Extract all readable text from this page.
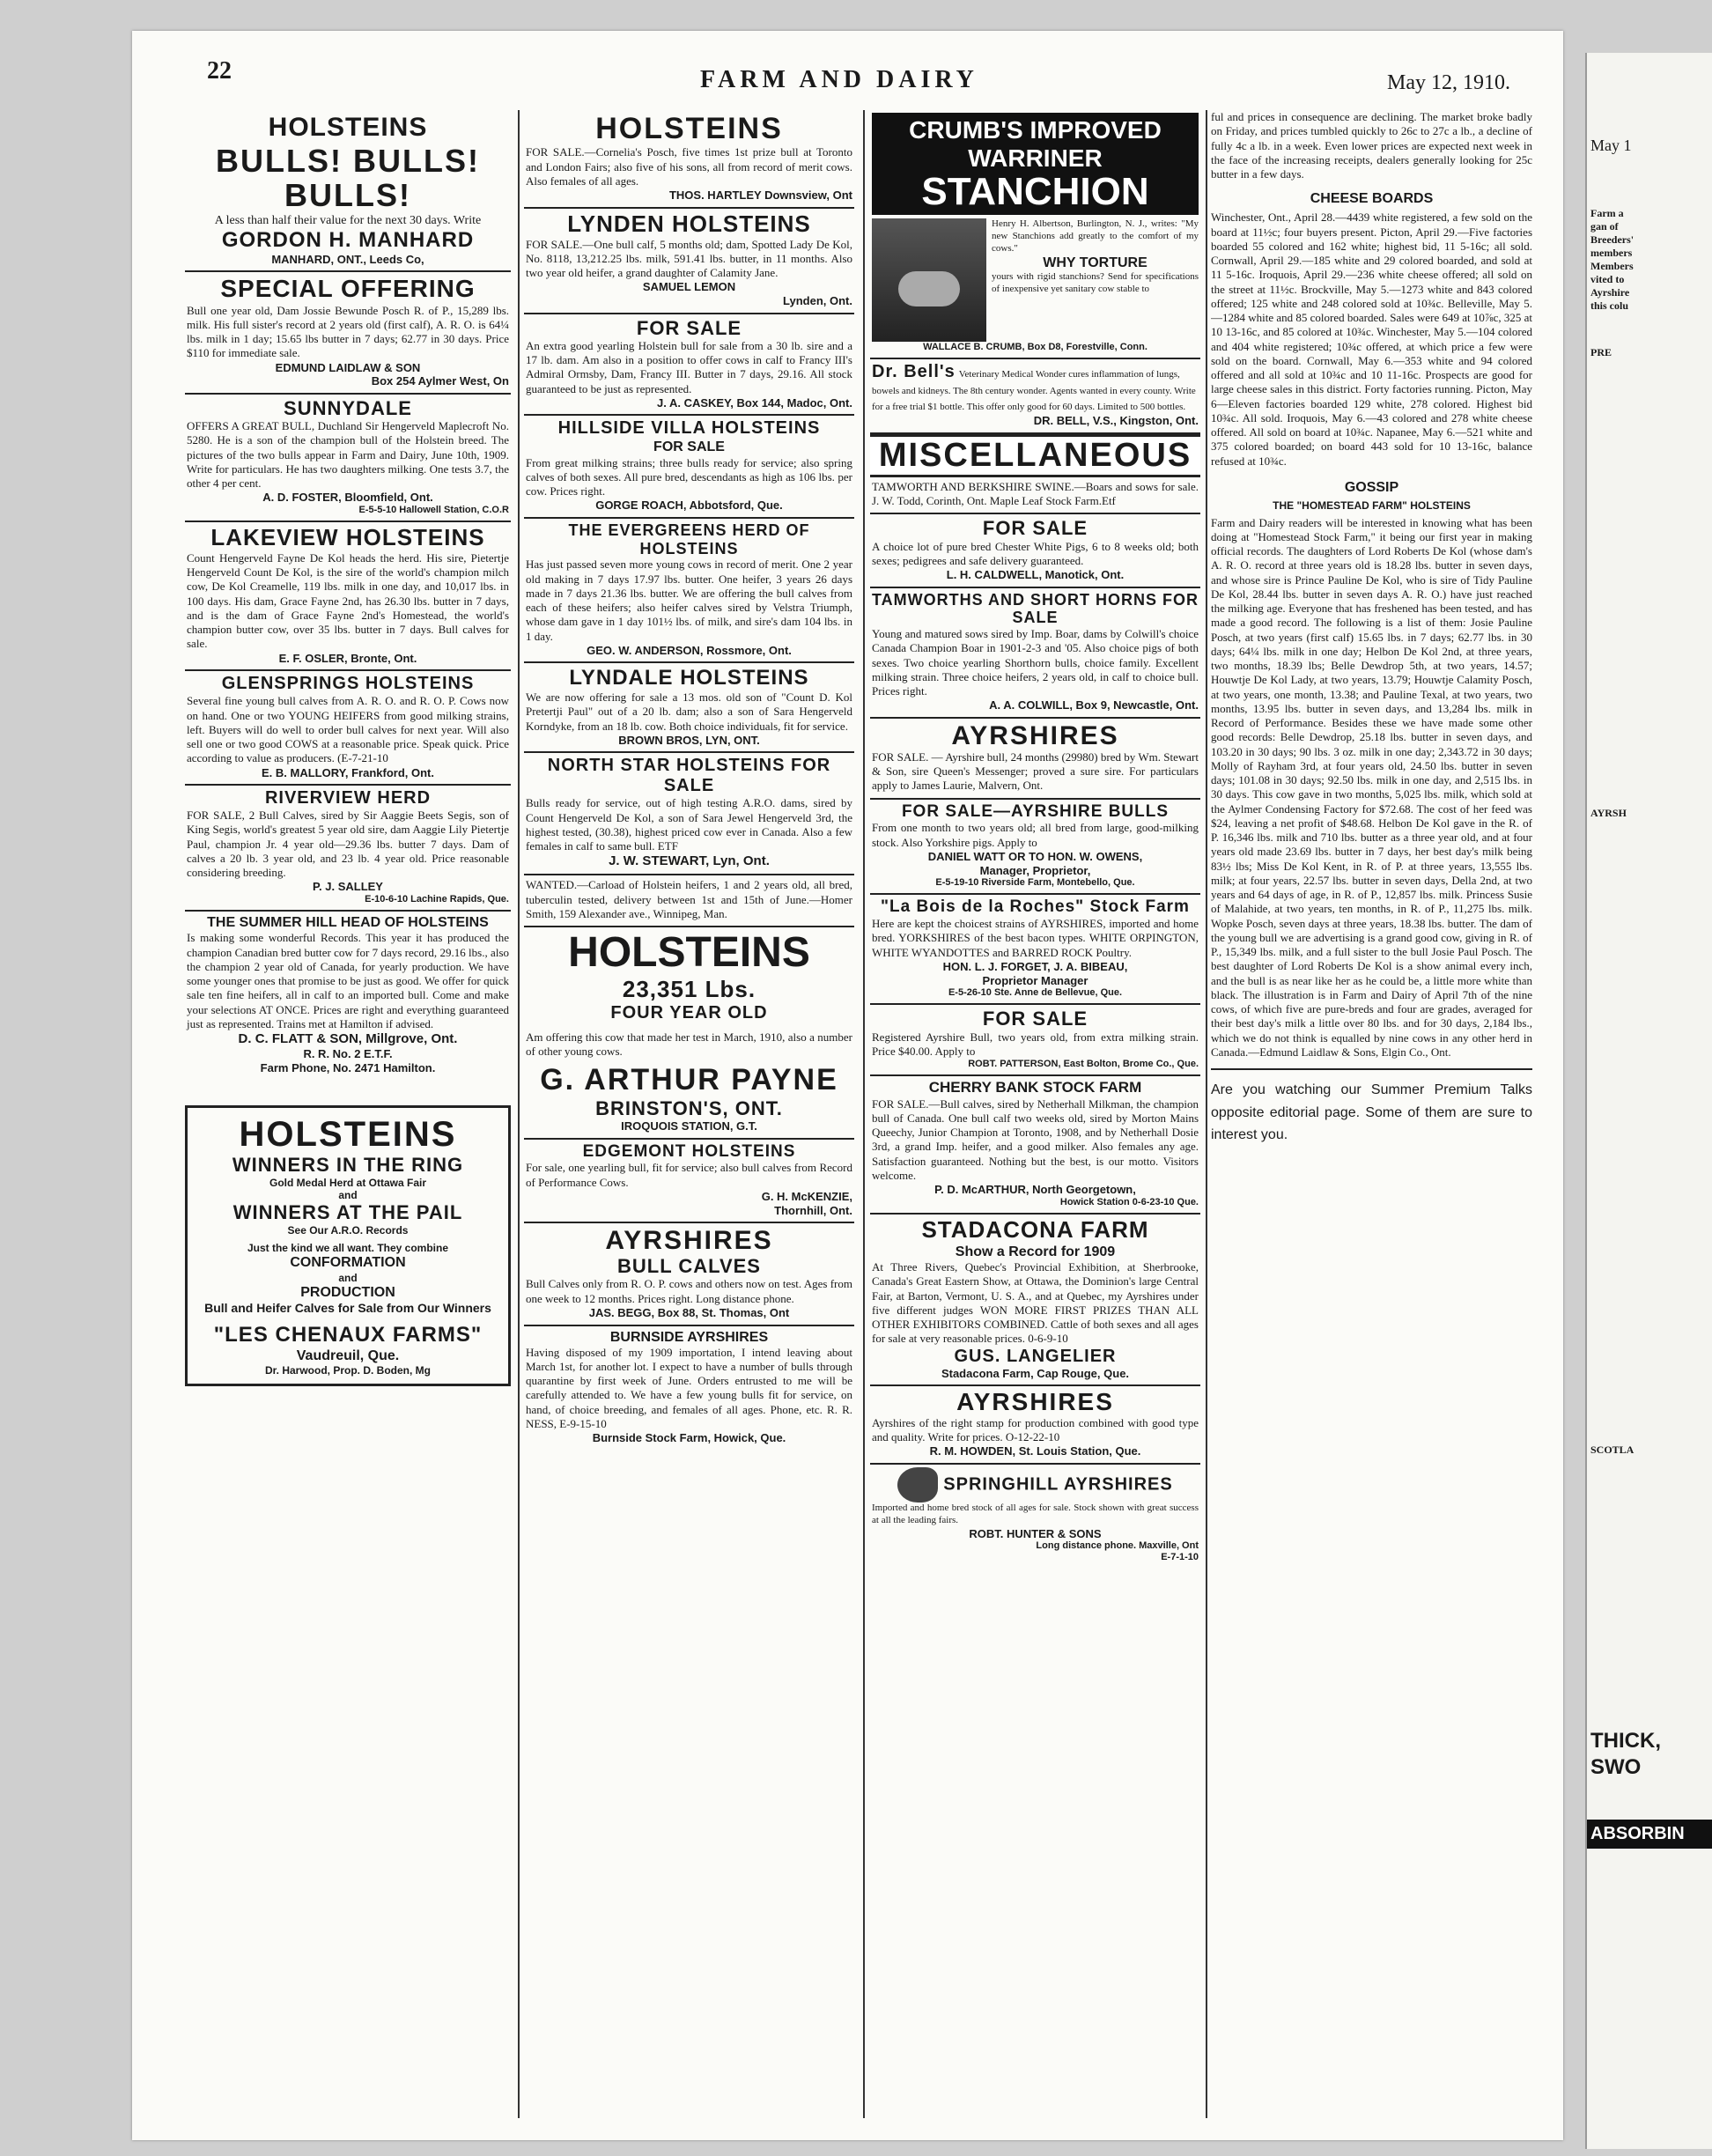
22	FARM AND DAIRY	May 12, 1910.
HOLSTEINS
BULLS! BULLS! BULLS!
A less than half their value for the next 30 days. Write
GORDON H. MANHARD
MANHARD, ONT., Leeds Co,
SPECIAL OFFERING
Bull one year old, Dam Jossie Bewunde Posch R. of P., 15,289 lbs. milk. His full sister's record at 2 years old (first calf), A. R. O. is 64¼ lbs. milk in 1 day; 15.65 lbs butter in 7 days; 62.77 in 30 days. Price $110 for immediate sale.
EDMUND LAIDLAW & SON
Box 254 Aylmer West, On
SUNNYDALE
OFFERS A GREAT BULL, Duchland Sir Hengerveld Maplecroft No. 5280. He is a son of the champion bull of the Holstein breed. The pictures of the two bulls appear in Farm and Dairy, June 10th, 1909. Write for particulars. He has two daughters milking. One tests 3.7, the other 4 per cent.
A. D. FOSTER, Bloomfield, Ont.
E-5-5-10 Hallowell Station, C.O.R
LAKEVIEW HOLSTEINS
Count Hengerveld Fayne De Kol heads the herd. His sire, Pietertje Hengerveld Count De Kol, is the sire of the world's champion milch cow, De Kol Creamelle, 119 lbs. milk in one day, and 10,017 lbs. in 100 days. His dam, Grace Fayne 2nd, has 26.30 lbs. butter in 7 days, and is the dam of Grace Fayne 2nd's Homestead, the world's champion butter cow, over 35 lbs. butter in 7 days. Bull calves for sale.
E. F. OSLER, Bronte, Ont.
GLENSPRINGS HOLSTEINS
Several fine young bull calves from A. R. O. and R. O. P. Cows now on hand. One or two YOUNG HEIFERS from good milking strains, left. Buyers will do well to order bull calves for next year. Will also sell one or two good COWS at a reasonable price. Speak quick. Price according to value as producers. (E-7-21-10
E. B. MALLORY, Frankford, Ont.
RIVERVIEW HERD
FOR SALE, 2 Bull Calves, sired by Sir Aaggie Beets Segis, son of King Segis, world's greatest 5 year old sire, dam Aaggie Lily Pietertje Paul, champion Jr. 4 year old—29.36 lbs. butter 7 days. Dam of calves a 20 lb. 3 year old, and 23 lb. 4 year old. Price reasonable considering breeding.
P. J. SALLEY
E-10-6-10 Lachine Rapids, Que.
THE SUMMER HILL HEAD OF HOLSTEINS
Is making some wonderful Records. This year it has produced the champion Canadian bred butter cow for 7 days record, 29.16 lbs., also the champion 2 year old of Canada, for yearly production. We have some younger ones that promise to be just as good. We offer for quick sale ten fine heifers, all in calf to an imported bull. Come and make your selections AT ONCE. Prices are right and everything guaranteed just as represented. Trains met at Hamilton if advised.
D. C. FLATT & SON, Millgrove, Ont.
R. R. No. 2 E.T.F.
Farm Phone, No. 2471 Hamilton.
HOLSTEINS
WINNERS IN THE RING
Gold Medal Herd at Ottawa Fair
and
WINNERS AT THE PAIL
See Our A.R.O. Records
Just the kind we all want. They combine
CONFORMATION
and
PRODUCTION
Bull and Heifer Calves for Sale from Our Winners
"LES CHENAUX FARMS"
Vaudreuil, Que.
Dr. Harwood, Prop. D. Boden, Mg
HOLSTEINS
FOR SALE.—Cornelia's Posch, five times 1st prize bull at Toronto and London Fairs; also five of his sons, all from record of merit cows. Also females of all ages.
THOS. HARTLEY Downsview, Ont
LYNDEN HOLSTEINS
FOR SALE.—One bull calf, 5 months old; dam, Spotted Lady De Kol, No. 8118, 13,212.25 lbs. milk, 591.41 lbs. butter, in 11 months. Also two year old heifer, a grand daughter of Calamity Jane.
SAMUEL LEMON
Lynden, Ont.
FOR SALE
An extra good yearling Holstein bull for sale from a 30 lb. sire and a 17 lb. dam. Am also in a position to offer cows in calf to Francy III's Admiral Ormsby, Dam, Francy III. Butter in 7 days, 29.16. All stock guaranteed to be just as represented.
J. A. CASKEY, Box 144, Madoc, Ont.
HILLSIDE VILLA HOLSTEINS
FOR SALE
From great milking strains; three bulls ready for service; also spring calves of both sexes. All pure bred, descendants as high as 106 lbs. per cow. Prices right.
GORGE ROACH, Abbotsford, Que.
THE EVERGREENS HERD OF HOLSTEINS
Has just passed seven more young cows in record of merit. One 2 year old making in 7 days 17.97 lbs. butter. One heifer, 3 years 26 days made in 7 days 21.36 lbs. butter. We are offering the bull calves from each of these heifers; also heifer calves sired by Velstra Triumph, whose dam gave in 1 day 101½ lbs. of milk, and sire's dam 104 lbs. in 1 day.
GEO. W. ANDERSON, Rossmore, Ont.
LYNDALE HOLSTEINS
We are now offering for sale a 13 mos. old son of "Count D. Kol Pretertji Paul" out of a 20 lb. dam; also a son of Sara Hengerveld Korndyke, from an 18 lb. cow. Both choice individuals, fit for service.
BROWN BROS, LYN, ONT.
NORTH STAR HOLSTEINS FOR SALE
Bulls ready for service, out of high testing A.R.O. dams, sired by Count Hengerveld De Kol, a son of Sara Jewel Hengerveld 3rd, the highest tested, (30.38), highest priced cow ever in Canada. Also a few females in calf to same bull. ETF
J. W. STEWART, Lyn, Ont.
WANTED.—Carload of Holstein heifers, 1 and 2 years old, all bred, tuberculin tested, delivery between 1st and 15th of June.—Homer Smith, 159 Alexander ave., Winnipeg, Man.
HOLSTEINS
23,351 Lbs.
FOUR YEAR OLD
Am offering this cow that made her test in March, 1910, also a number of other young cows.
G. ARTHUR PAYNE
BRINSTON'S, ONT.
IROQUOIS STATION, G.T.
EDGEMONT HOLSTEINS
For sale, one yearling bull, fit for service; also bull calves from Record of Performance Cows.
G. H. McKENZIE,
Thornhill, Ont.
AYRSHIRES
BULL CALVES
Bull Calves only from R. O. P. cows and others now on test. Ages from one week to 12 months. Prices right. Long distance phone.
JAS. BEGG, Box 88, St. Thomas, Ont
BURNSIDE AYRSHIRES
Having disposed of my 1909 importation, I intend leaving about March 1st, for another lot. I expect to have a number of bulls through quarantine by first week of June. Orders entrusted to me will be carefully attended to. We have a few young bulls fit for service, on hand, of choice breeding, and females of all ages. Phone, etc. R. R. NESS, E-9-15-10
Burnside Stock Farm, Howick, Que.
CRUMB'S IMPROVED WARRINER
STANCHION
Henry H. Albertson, Burlington, N. J., writes: "My new Stanchions add greatly to the comfort of my cows."
WHY TORTURE
yours with rigid stanchions? Send for specifications of inexpensive yet sanitary cow stable to
WALLACE B. CRUMB, Box D8, Forestville, Conn.
Dr. Bell's Veterinary Medical Wonder cures inflammation of lungs, bowels and kidneys. The 8th century wonder. Agents wanted in every county. Write for a free trial $1 bottle. This offer only good for 60 days. Limited to 500 bottles.
DR. BELL, V.S., Kingston, Ont.
MISCELLANEOUS
TAMWORTH AND BERKSHIRE SWINE.—Boars and sows for sale. J. W. Todd, Corinth, Ont. Maple Leaf Stock Farm.Etf
FOR SALE
A choice lot of pure bred Chester White Pigs, 6 to 8 weeks old; both sexes; pedigrees and safe delivery guaranteed.
L. H. CALDWELL, Manotick, Ont.
TAMWORTHS AND SHORT HORNS FOR SALE
Young and matured sows sired by Imp. Boar, dams by Colwill's choice Canada Champion Boar in 1901-2-3 and '05. Also choice pigs of both sexes. Two choice yearling Shorthorn bulls, choice family. Excellent milking strain. Three choice heifers, 2 years old, in calf to choice bull. Prices right.
A. A. COLWILL, Box 9, Newcastle, Ont.
AYRSHIRES
FOR SALE. — Ayrshire bull, 24 months (29980) bred by Wm. Stewart & Son, sire Queen's Messenger; proved a sure sire. For particulars apply to James Laurie, Malvern, Ont.
FOR SALE—AYRSHIRE BULLS
From one month to two years old; all bred from large, good-milking stock. Also Yorkshire pigs. Apply to
DANIEL WATT OR TO HON. W. OWENS,
Manager, Proprietor,
E-5-19-10 Riverside Farm, Montebello, Que.
"La Bois de la Roches" Stock Farm
Here are kept the choicest strains of AYRSHIRES, imported and home bred. YORKSHIRES of the best bacon types. WHITE ORPINGTON, WHITE WYANDOTTES and BARRED ROCK Poultry.
HON. L. J. FORGET, J. A. BIBEAU,
Proprietor Manager
E-5-26-10 Ste. Anne de Bellevue, Que.
FOR SALE
Registered Ayrshire Bull, two years old, from extra milking strain. Price $40.00. Apply to
ROBT. PATTERSON, East Bolton, Brome Co., Que.
CHERRY BANK STOCK FARM
FOR SALE.—Bull calves, sired by Netherhall Milkman, the champion bull of Canada. One bull calf two weeks old, sired by Morton Mains Queechy, Junior Champion at Toronto, 1908, and by Netherhall Dosie 3rd, a grand Imp. heifer, and a good milker. Also females any age. Satisfaction guaranteed. Nothing but the best, is our motto. Visitors welcome.
P. D. McARTHUR, North Georgetown,
Howick Station 0-6-23-10 Que.
STADACONA FARM
Show a Record for 1909
At Three Rivers, Quebec's Provincial Exhibition, at Sherbrooke, Canada's Great Eastern Show, at Ottawa, the Dominion's large Central Fair, at Barton, Vermont, U. S. A., and at Quebec, my Ayrshires under five different judges WON MORE FIRST PRIZES THAN ALL OTHER EXHIBITORS COMBINED. Cattle of both sexes and all ages for sale at very reasonable prices. 0-6-9-10
GUS. LANGELIER
Stadacona Farm, Cap Rouge, Que.
AYRSHIRES
Ayrshires of the right stamp for production combined with good type and quality. Write for prices. O-12-22-10
R. M. HOWDEN, St. Louis Station, Que.
SPRINGHILL AYRSHIRES
Imported and home bred stock of all ages for sale. Stock shown with great success at all the leading fairs.
ROBT. HUNTER & SONS
Long distance phone. Maxville, Ont
E-7-1-10
ful and prices in consequence are declining. The market broke badly on Friday, and prices tumbled quickly to 26c to 27c a lb., a decline of fully 4c a lb. in a week. Even lower prices are expected next week in the face of the increasing receipts, dealers generally looking for 25c butter in a few days.
CHEESE BOARDS
Winchester, Ont., April 28.—4439 white registered, a few sold on the board at 11½c; four buyers present. Picton, April 29.—Five factories boarded 55 colored and 162 white; highest bid, 11 5-16c; all sold. Cornwall, April 29.—185 white and 29 colored boarded, and sold at 11 5-16c. Iroquois, April 29.—236 white cheese offered; all sold on the street at 11½c. Brockville, May 5.—1273 white and 843 colored offered; 125 white and 248 colored sold at 10¾c. Belleville, May 5.—1284 white and 85 colored boarded. Sales were 649 at 10⅞c, 325 at 10 13-16c, and 85 colored at 10¾c. Winchester, May 5.—104 colored and 404 white registered; 10¾c offered, at which price a few were sold on the board. Cornwall, May 6.—353 white and 94 colored offered and all sold at 10¾c and 10 11-16c. Prospects are good for large cheese sales in this district. Forty factories running. Picton, May 6—Eleven factories boarded 129 white, 278 colored. Highest bid 10¾c. All sold. Iroquois, May 6.—43 colored and 278 white cheese offered. All sold on board at 10¾c. Napanee, May 6.—521 white and 375 colored boarded; on board 443 sold for 10 13-16c, balance refused at 10¾c.
GOSSIP
THE "HOMESTEAD FARM" HOLSTEINS
Farm and Dairy readers will be interested in knowing what has been doing at "Homestead Stock Farm," it being our first year in making official records. The daughters of Lord Roberts De Kol (whose dam's A. R. O. record at three years old is 18.28 lbs. butter in seven days, and whose sire is Prince Pauline De Kol, who is sire of Tidy Pauline De Kol, 28.44 lbs. butter in seven days A. R. O.) have just reached the milking age. Everyone that has freshened has been tested, and has made a good record. The following is a list of them: Josie Pauline Posch, at two years (first calf) 15.65 lbs. in 7 days; 62.77 lbs. in 30 days; 64¼ lbs. milk in one day; Helbon De Kol 2nd, at three years, two months, 18.39 lbs; Belle Dewdrop 5th, at two years, 14.57; Houwtje De Kol Lady, at two years, 13.79; Houwtje Calamity Posch, at two years, one month, 13.38; and Pauline Texal, at two years, two months, 13.95 lbs. butter in seven days, and 13,284 lbs. milk in Record of Performance. Besides these we have made some other good records: Belle Dewdrop, 25.18 lbs. butter in seven days, and 103.20 in 30 days; 90 lbs. 3 oz. milk in one day; 2,343.72 in 30 days; Molly of Rayham 3rd, at four years old, 24.50 lbs. butter in seven days; 101.08 in 30 days; 92.50 lbs. milk in one day, and 2,515 lbs. in 30 days. This cow gave in two months, 5,025 lbs. milk, which sold at the Aylmer Condensing Factory for $72.68. The cost of her feed was $24, leaving a net profit of $48.68. Helbon De Kol gave in the R. of P. 16,346 lbs. milk and 710 lbs. butter as a three year old, and at four years old made 23.69 lbs. butter in 7 days, her best day's milk being 83½ lbs; Miss De Kol Kent, in R. of P. at three years, 13,555 lbs. milk; at four years, 22.57 lbs. butter in seven days, Della 2nd, at two years and 64 days of age, in R. of P., 12,857 lbs. milk. Princess Susie of Malahide, at two years, ten months, in R. of P., 11,275 lbs. milk. Wopke Posch, seven days at three years, 18.38 lbs. butter. The dam of the young bull we are advertising is a grand good cow, giving in R. of P., 15,349 lbs. milk, and a full sister to the bull Josie Paul Posch. The best daughter of Lord Roberts De Kol is a show animal every inch, and the bull is as near like her as he could be, a little more white than black. The illustration is in Farm and Dairy of April 7th of the nine cows, of which five are pure-breds and four are grades, averaged for their best day's milk a little over 80 lbs. and for 30 days, 2,184 lbs., which we do not think is equalled by nine cows in any other herd in Canada.—Edmund Laidlaw & Sons, Elgin Co., Ont.
Are you watching our Summer Premium Talks opposite editorial page. Some of them are sure to interest you.
May 1
Farm a
gan of
Breeders'
members
Members
vited to
Ayrshire
this colu
PRE
AYRSH
SCOTLA
THICK, SWO
ABSORBIN
